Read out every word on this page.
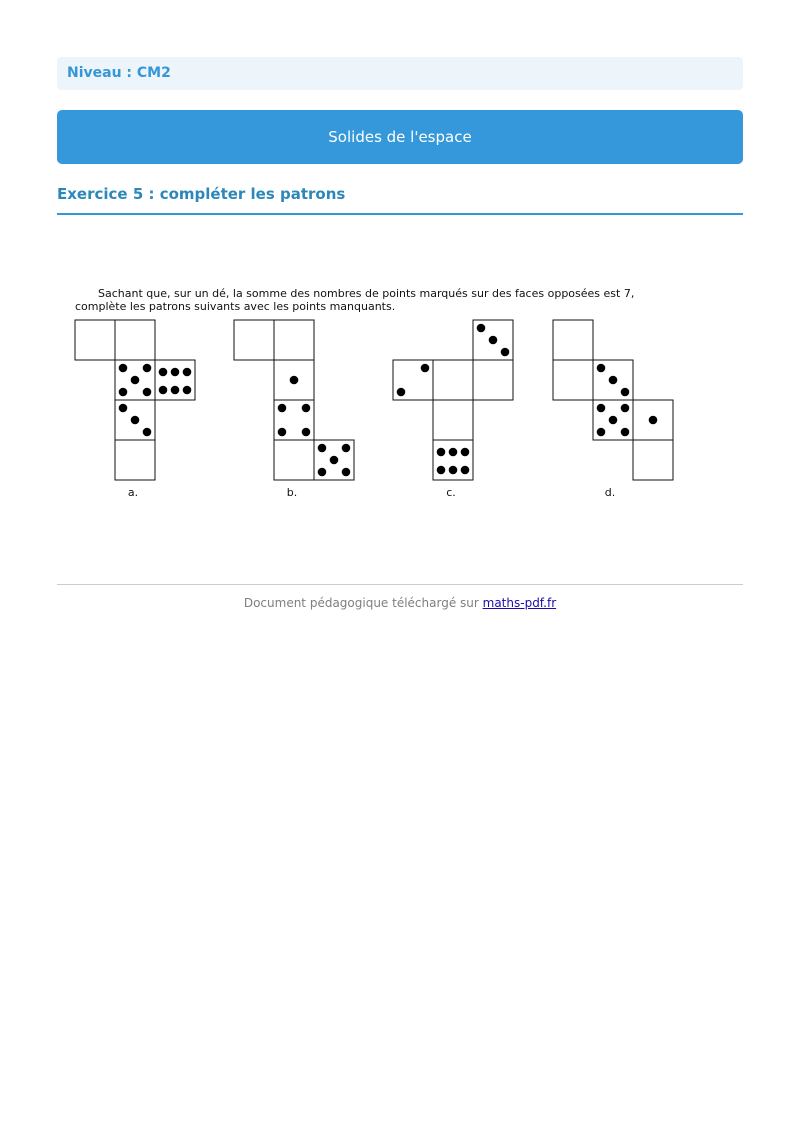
Niveau : CM2
Solides de l'espace
Exercice 5 : compléter les patrons
Sachant que, sur un dé, la somme des nombres de points marqués sur des faces opposées est 7,
complète les patrons suivants avec les points manquants.
a.	b.	c.	d.
Document pédagogique téléchargé sur maths-pdf.fr
